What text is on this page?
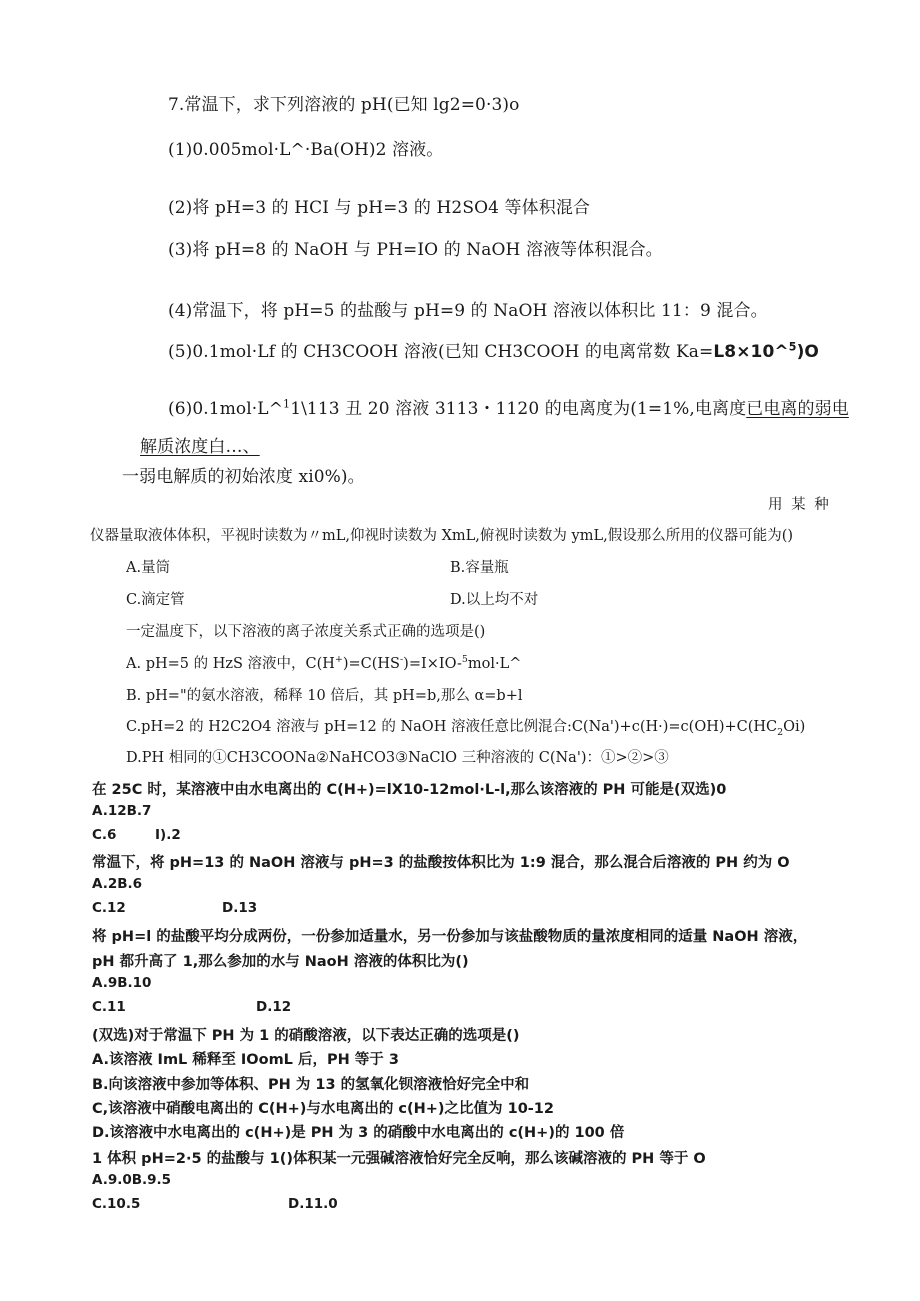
7.常温下，求下列溶液的 pH(已知 lg2=0·3)o

(1)0.005mol·L^·Ba(OH)2 溶液。

(2)将 pH=3 的 HCI 与 pH=3 的 H2SO4 等体积混合

(3)将 pH=8 的 NaOH 与 PH=IO 的 NaOH 溶液等体积混合。

(4)常温下，将 pH=5 的盐酸与 pH=9 的 NaOH 溶液以体积比 11：9 混合。

(5)0.1mol·Lf 的 CH3COOH 溶液(已知 CH3COOH 的电离常数 Ka=L8×10^$^5$)O

(6)0.1mol·L^$^1$1\113 丑 20 溶液 3113・1120 的电离度为(1=1%,电离度已电离的弱电

解质浓度白…、

一弱电解质的初始浓度 xi0%)。

用 某 种

仪器量取液体体积，平视时读数为〃mL,仰视时读数为 XmL,俯视时读数为 ymL,假设那么所用的仪器可能为()

A.量筒	B.容量瓶

C.滴定管	D.以上均不对

一定温度下，以下溶液的离子浓度关系式正确的选项是()

A. pH=5 的 HzS 溶液中，C(H+)=C(HS-)=I×IO-$^5$mol·L^

B. pH="的氨水溶液，稀释 10 倍后，其 pH=b,那么 α=b+l

C.pH=2 的 H2C2O4 溶液与 pH=12 的 NaOH 溶液任意比例混合$:C(Na')+c(H\cdot)=c(OH)+C(HC_2Oi)$

D.PH 相同的①CH3COONa②NaHCO3③NaClO 三种溶液的 C(Na')：①>②>③

在 25C 时，某溶液中由水电离出的 C(H+)=lX10-12mol·L-l,那么该溶液的 PH 可能是(双选)0

A.12B.7

C.6	I).2

常温下，将 pH=13 的 NaOH 溶液与 pH=3 的盐酸按体积比为 1:9 混合，那么混合后溶液的 PH 约为 O

A.2B.6

C.12	D.13

将 pH=l 的盐酸平均分成两份，一份参加适量水，另一份参加与该盐酸物质的量浓度相同的适量 NaOH 溶液，

pH 都升高了 1,那么参加的水与 NaoH 溶液的体积比为()

A.9B.10

C.11	D.12

(双选)对于常温下 PH 为 1 的硝酸溶液，以下表达正确的选项是()

A.该溶液 ImL 稀释至 IOomL 后，PH 等于 3

B.向该溶液中参加等体积、PH 为 13 的氢氧化钡溶液恰好完全中和

C,该溶液中硝酸电离出的 C(H+)与水电离出的 c(H+)之比值为 10-12

D.该溶液中水电离出的 c(H+)是 PH 为 3 的硝酸中水电离出的 c(H+)的 100 倍

1 体积 pH=2·5 的盐酸与 1()体积某一元强碱溶液恰好完全反响，那么该碱溶液的 PH 等于 O

A.9.0B.9.5

C.10.5	D.11.0
